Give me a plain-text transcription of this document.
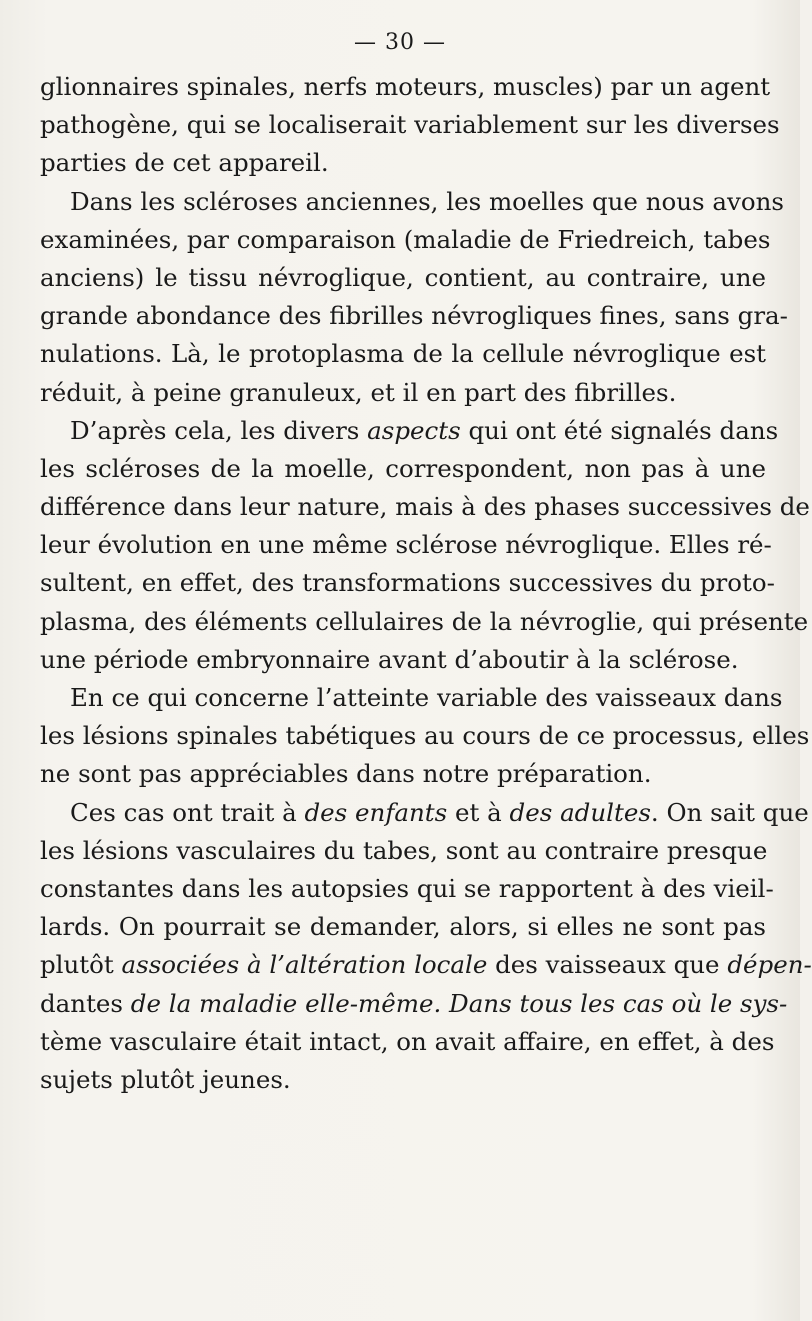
— 30 —
glionnaires spinales, nerfs moteurs, muscles) par un agent
pathogène, qui se localiserait variablement sur les diverses
parties de cet appareil.
Dans les scléroses anciennes, les moelles que nous avons
examinées, par comparaison (maladie de Friedreich, tabes
anciens) le tissu névroglique, contient, au contraire, une
grande abondance des fibrilles névrogliques fines, sans gra-
nulations. Là, le protoplasma de la cellule névroglique est
réduit, à peine granuleux, et il en part des fibrilles.
D’après cela, les divers aspects qui ont été signalés dans
les scléroses de la moelle, correspondent, non pas à une
différence dans leur nature, mais à des phases successives de
leur évolution en une même sclérose névroglique. Elles ré-
sultent, en effet, des transformations successives du proto-
plasma, des éléments cellulaires de la névroglie, qui présente
une période embryonnaire avant d’aboutir à la sclérose.
En ce qui concerne l’atteinte variable des vaisseaux dans
les lésions spinales tabétiques au cours de ce processus, elles
ne sont pas appréciables dans notre préparation.
Ces cas ont trait à des enfants et à des adultes. On sait que
les lésions vasculaires du tabes, sont au contraire presque
constantes dans les autopsies qui se rapportent à des vieil-
lards. On pourrait se demander, alors, si elles ne sont pas
plutôt associées à l’altération locale des vaisseaux que dépen-
dantes de la maladie elle-même. Dans tous les cas où le sys-
tème vasculaire était intact, on avait affaire, en effet, à des
sujets plutôt jeunes.
